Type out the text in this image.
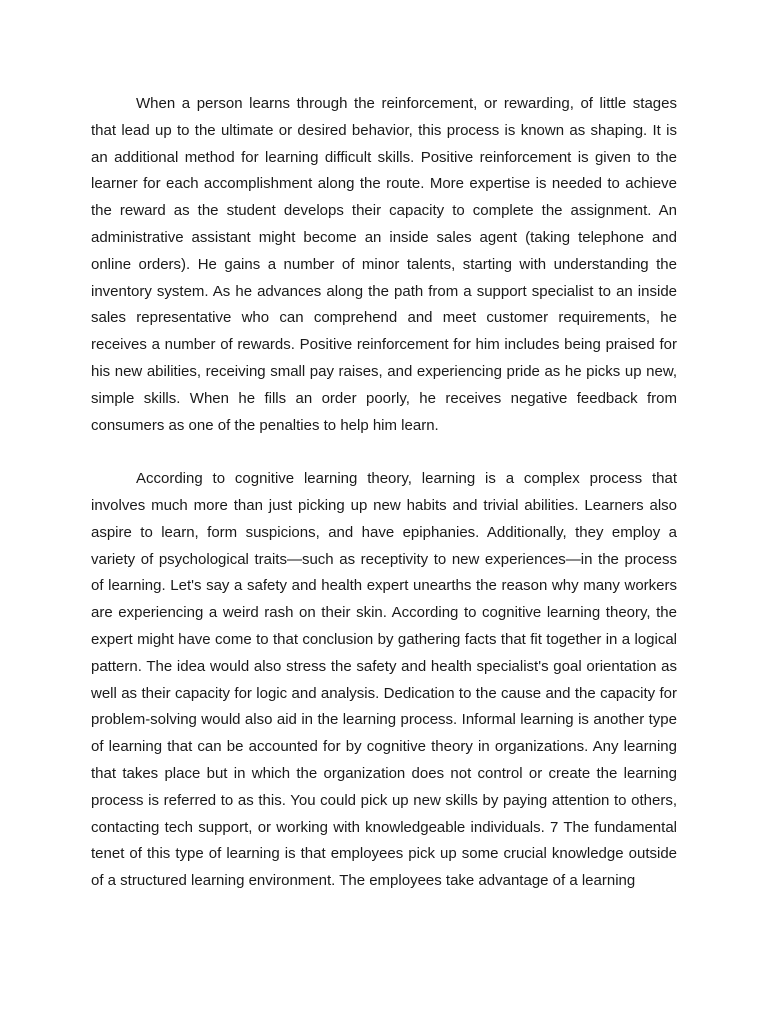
When a person learns through the reinforcement, or rewarding, of little stages that lead up to the ultimate or desired behavior, this process is known as shaping. It is an additional method for learning difficult skills. Positive reinforcement is given to the learner for each accomplishment along the route. More expertise is needed to achieve the reward as the student develops their capacity to complete the assignment. An administrative assistant might become an inside sales agent (taking telephone and online orders). He gains a number of minor talents, starting with understanding the inventory system. As he advances along the path from a support specialist to an inside sales representative who can comprehend and meet customer requirements, he receives a number of rewards. Positive reinforcement for him includes being praised for his new abilities, receiving small pay raises, and experiencing pride as he picks up new, simple skills. When he fills an order poorly, he receives negative feedback from consumers as one of the penalties to help him learn.

According to cognitive learning theory, learning is a complex process that involves much more than just picking up new habits and trivial abilities. Learners also aspire to learn, form suspicions, and have epiphanies. Additionally, they employ a variety of psychological traits—such as receptivity to new experiences—in the process of learning. Let's say a safety and health expert unearths the reason why many workers are experiencing a weird rash on their skin. According to cognitive learning theory, the expert might have come to that conclusion by gathering facts that fit together in a logical pattern. The idea would also stress the safety and health specialist's goal orientation as well as their capacity for logic and analysis. Dedication to the cause and the capacity for problem-solving would also aid in the learning process. Informal learning is another type of learning that can be accounted for by cognitive theory in organizations. Any learning that takes place but in which the organization does not control or create the learning process is referred to as this. You could pick up new skills by paying attention to others, contacting tech support, or working with knowledgeable individuals. 7 The fundamental tenet of this type of learning is that employees pick up some crucial knowledge outside of a structured learning environment. The employees take advantage of a learning
